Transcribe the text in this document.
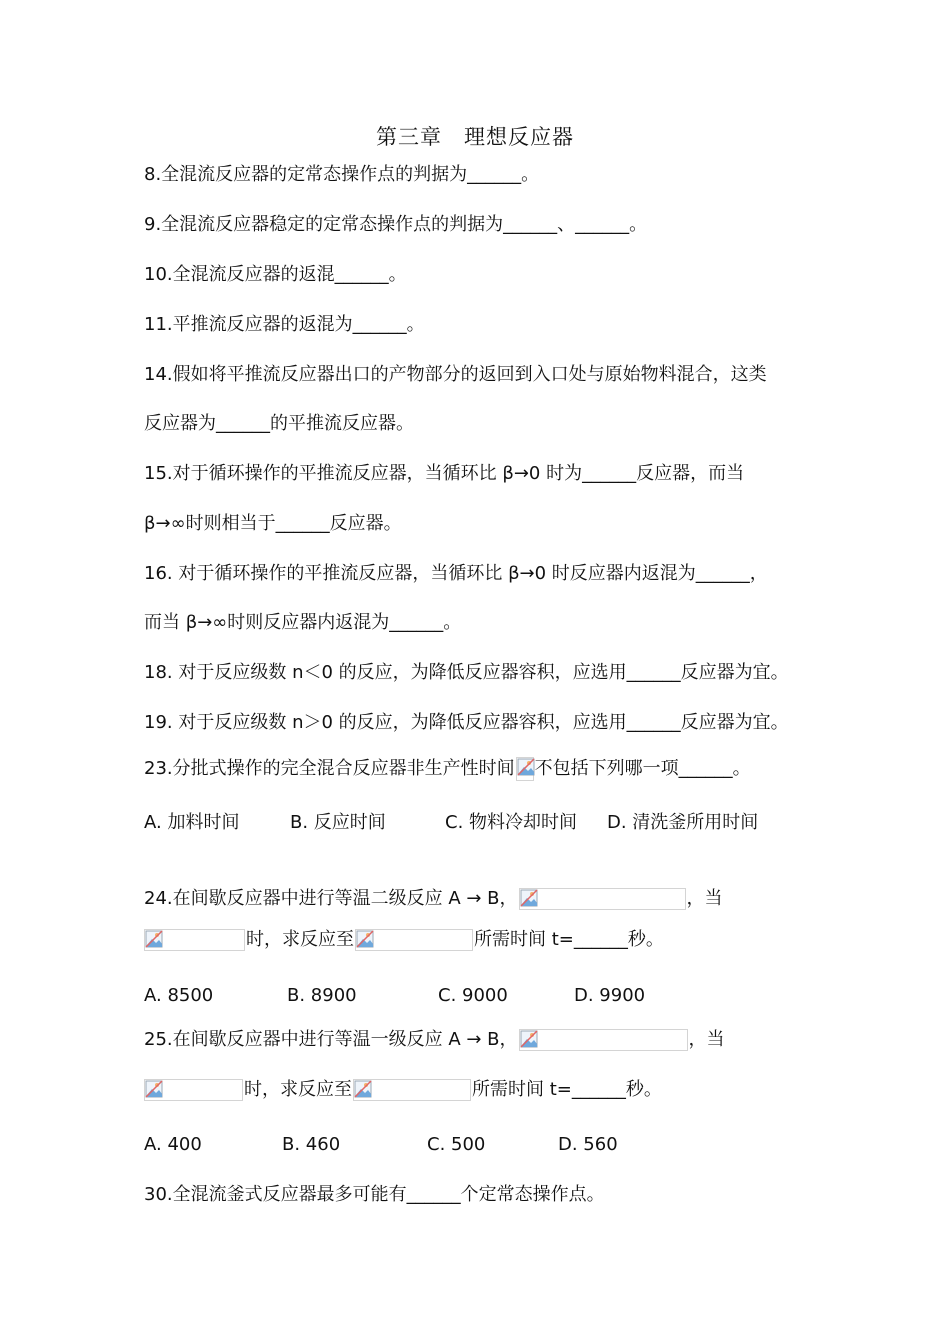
第三章　理想反应器
8.全混流反应器的定常态操作点的判据为______。
9.全混流反应器稳定的定常态操作点的判据为______、______。
10.全混流反应器的返混______。
11.平推流反应器的返混为______。
14.假如将平推流反应器出口的产物部分的返回到入口处与原始物料混合，这类
反应器为______的平推流反应器。
15.对于循环操作的平推流反应器，当循环比 β→0 时为______反应器，而当
β→∞时则相当于______反应器。
16. 对于循环操作的平推流反应器，当循环比 β→0 时反应器内返混为______，
而当 β→∞时则反应器内返混为______。
18. 对于反应级数 n＜0 的反应，为降低反应器容积，应选用______反应器为宜。
19. 对于反应级数 n＞0 的反应，为降低反应器容积，应选用______反应器为宜。
23.分批式操作的完全混合反应器非生产性时间 不包括下列哪一项______。
A. 加料时间	B. 反应时间	C. 物料冷却时间 D. 清洗釜所用时间
24.在间歇反应器中进行等温二级反应 A → B，	，当
时，求反应至	所需时间 t=______秒。
A. 8500	B. 8900	C. 9000	D. 9900
25.在间歇反应器中进行等温一级反应 A → B，	，当
时，求反应至	所需时间 t=______秒。
A. 400	B. 460	C. 500	D. 560
30.全混流釜式反应器最多可能有______个定常态操作点。
